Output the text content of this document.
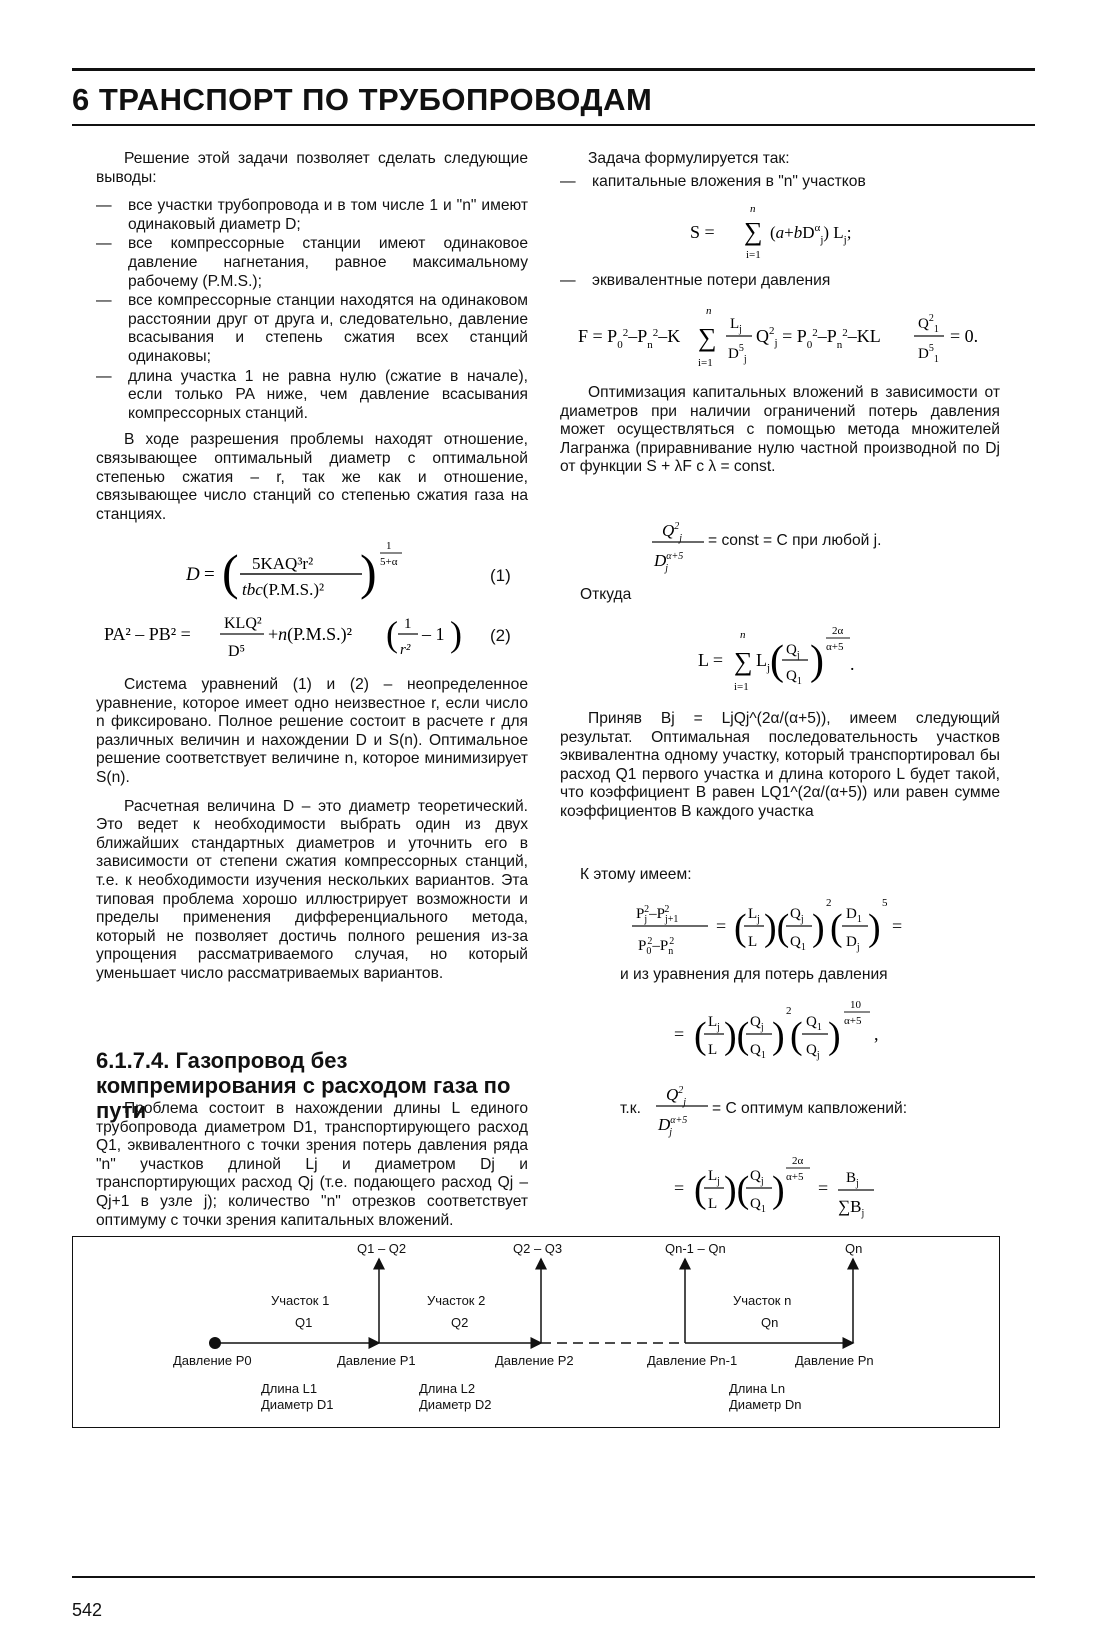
6 ТРАНСПОРТ ПО ТРУБОПРОВОДАМ

Решение этой задачи позволяет сделать следующие выводы:

— все участки трубопровода и в том числе 1 и "n" имеют одинаковый диаметр D;
— все компрессорные станции имеют одинаковое давление нагнетания, равное максимальному рабочему (P.M.S.);
— все компрессорные станции находятся на одинаковом расстоянии друг от друга и, следовательно, давление всасывания и степень сжатия всех станций одинаковы;
— длина участка 1 не равна нулю (сжатие в начале), если только PA ниже, чем давление всасывания компрессорных станций.

В ходе разрешения проблемы находят отношение, связывающее оптимальный диаметр с оптимальной степенью сжатия – r, так же как и отношение, связывающее число станций со степенью сжатия газа на станциях.

D = ( 5KAQ³r²
tbc(P.M.S.)² ) 1
5+α
(1)
PA² – PB² =
KLQ²
D⁵
+n(P.M.S.)² ( 1
r²
– 1 ) (2)

Система уравнений (1) и (2) – неопределенное уравнение, которое имеет одно неизвестное r, если число n фиксировано. Полное решение состоит в расчете r для различных величин и нахождении D и S(n). Оптимальное решение соответствует величине n, которое минимизирует S(n).

Расчетная величина D – это диаметр теоретический. Это ведет к необходимости выбрать один из двух ближайших стандартных диаметров и уточнить его в зависимости от степени сжатия компрессорных станций, т.е. к необходимости изучения нескольких вариантов. Эта типовая проблема хорошо иллюстрирует возможности и пределы применения дифференциального метода, который не позволяет достичь полного решения из-за упрощения рассматриваемого случая, но который уменьшает число рассматриваемых вариантов.

6.1.7.4. Газопровод без компремирования с расходом газа по пути

Проблема состоит в нахождении длины L единого трубопровода диаметром D1, транспортирующего расход Q1, эквивалентного с точки зрения потерь давления ряда "n" участков длиной Lj и диаметром Dj и транспортирующих расход Qj (т.е. подающего расход Qj – Qj+1 в узле j); количество "n" отрезков соответствует оптимуму с точки зрения капитальных вложений.

Задача формулируется так:

— капитальные вложения в "n" участков
n
S = ∑
i=1
$(a+bD^\alpha_j)$ $L_j$;
— эквивалентные потери давления
$F = P_0^2-P_n^2-K$
n
∑
i=1
$L_j$
$D^5_j$
$Q^2_j = P_0^2-P_n^2-KL$
$Q^2_1$
$D^5_1$
= 0.

Оптимизация капитальных вложений в зависимости от диаметров при наличии ограничений потерь давления может осуществляться с помощью метода множителей Лагранжа (приравнивание нулю частной производной по Dj от функции S + λF с λ = const.

$Q^2_j$
$D^{\alpha+5}$ j
= const = C при любой j.
Откуда
L =
n
∑
i=1
$L_j$ ( $Q_j$
$Q_1$ )
2α
α+5
.

Приняв Bj = LjQj^(2α/(α+5)), имеем следующий результат. Оптимальная последовательность участков эквивалентна одному участку, который транспортировал бы расход Q1 первого участка и длина которого L будет такой, что коэффициент B равен LQ1^(2α/(α+5)) или равен сумме коэффициентов B каждого участка

К этому имеем:
$P_j2-P_{j+1}2$
$P_02-P_n2$
= ( $L_j$
L )( $Q_j$
$Q_1$ )
2
( $D_1$
$D_j$ )
5
=
и из уравнения для потерь давления
= ( $L_j$
L )( $Q_j$
$Q_1$ )
2
( $Q_1$
$Q_j$ )
10
α+5
,
т.к.
$Q^2_j$
$D^{\alpha+5}$ j
= C оптимум капвложений:
= ( $L_j$
L )( $Q_j$
$Q_1$ )
2α
α+5
= $B_j$
$\sum B_j$
Q1 – Q2	Q2 – Q3	Qn-1 – Qn	Qn
Участок 1
Q1
Участок 2
Q2
Участок n
Qn
Давление P0	Давление P1	Давление P2	Давление Pn-1	Давление Pn
Длина L1
Диаметр D1
Длина L2
Диаметр D2
Длина Ln
Диаметр Dn
542
